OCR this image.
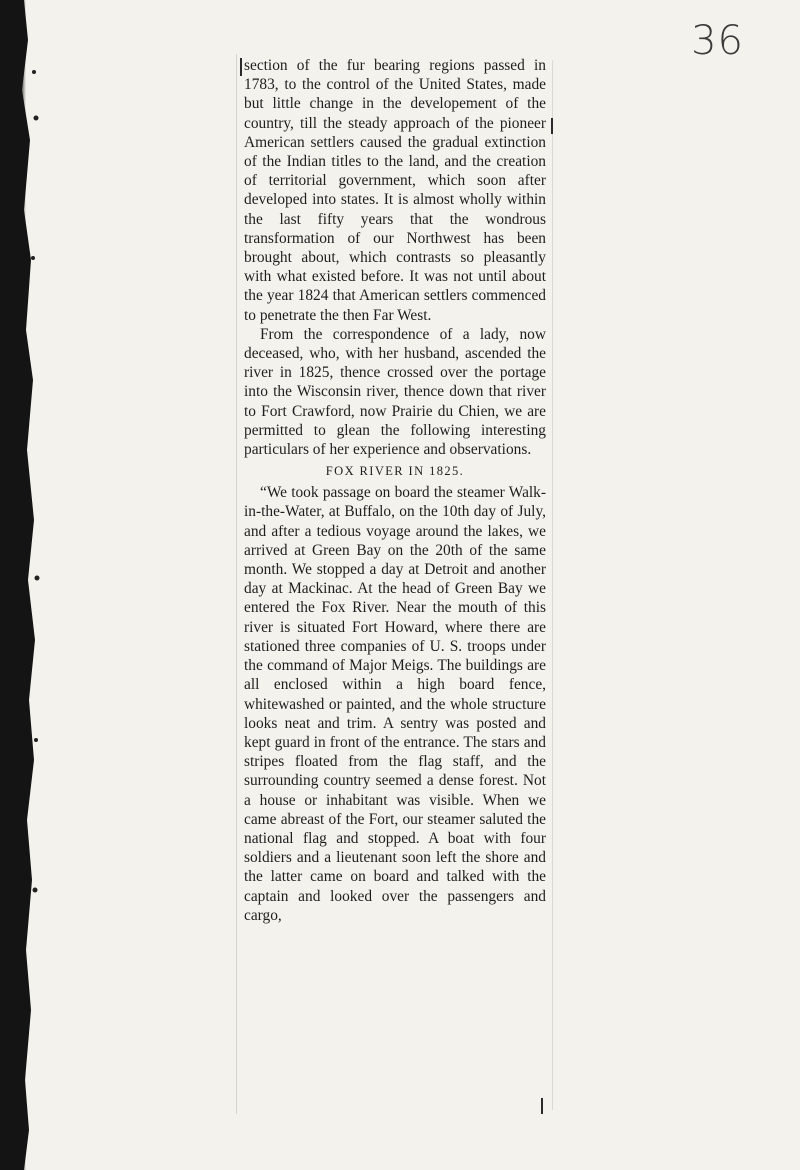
36

section of the fur bearing regions passed in 1783, to the control of the United States, made but little change in the developement of the country, till the steady approach of the pioneer American settlers caused the gradual extinction of the Indian titles to the land, and the creation of territorial government, which soon after developed into states. It is almost wholly within the last fifty years that the wondrous transformation of our Northwest has been brought about, which contrasts so pleasantly with what existed before. It was not until about the year 1824 that American settlers commenced to penetrate the then Far West.

From the correspondence of a lady, now deceased, who, with her husband, ascended the river in 1825, thence crossed over the portage into the Wisconsin river, thence down that river to Fort Crawford, now Prairie du Chien, we are permitted to glean the following interesting particulars of her experience and observations.

FOX RIVER IN 1825.

“We took passage on board the steamer Walk-in-the-Water, at Buffalo, on the 10th day of July, and after a tedious voyage around the lakes, we arrived at Green Bay on the 20th of the same month. We stopped a day at Detroit and another day at Mackinac. At the head of Green Bay we entered the Fox River. Near the mouth of this river is situated Fort Howard, where there are stationed three companies of U. S. troops under the command of Major Meigs. The buildings are all enclosed within a high board fence, whitewashed or painted, and the whole structure looks neat and trim. A sentry was posted and kept guard in front of the entrance. The stars and stripes floated from the flag staff, and the surrounding country seemed a dense forest. Not a house or inhabitant was visible. When we came abreast of the Fort, our steamer saluted the national flag and stopped. A boat with four soldiers and a lieutenant soon left the shore and the latter came on board and talked with the captain and looked over the passengers and cargo,
